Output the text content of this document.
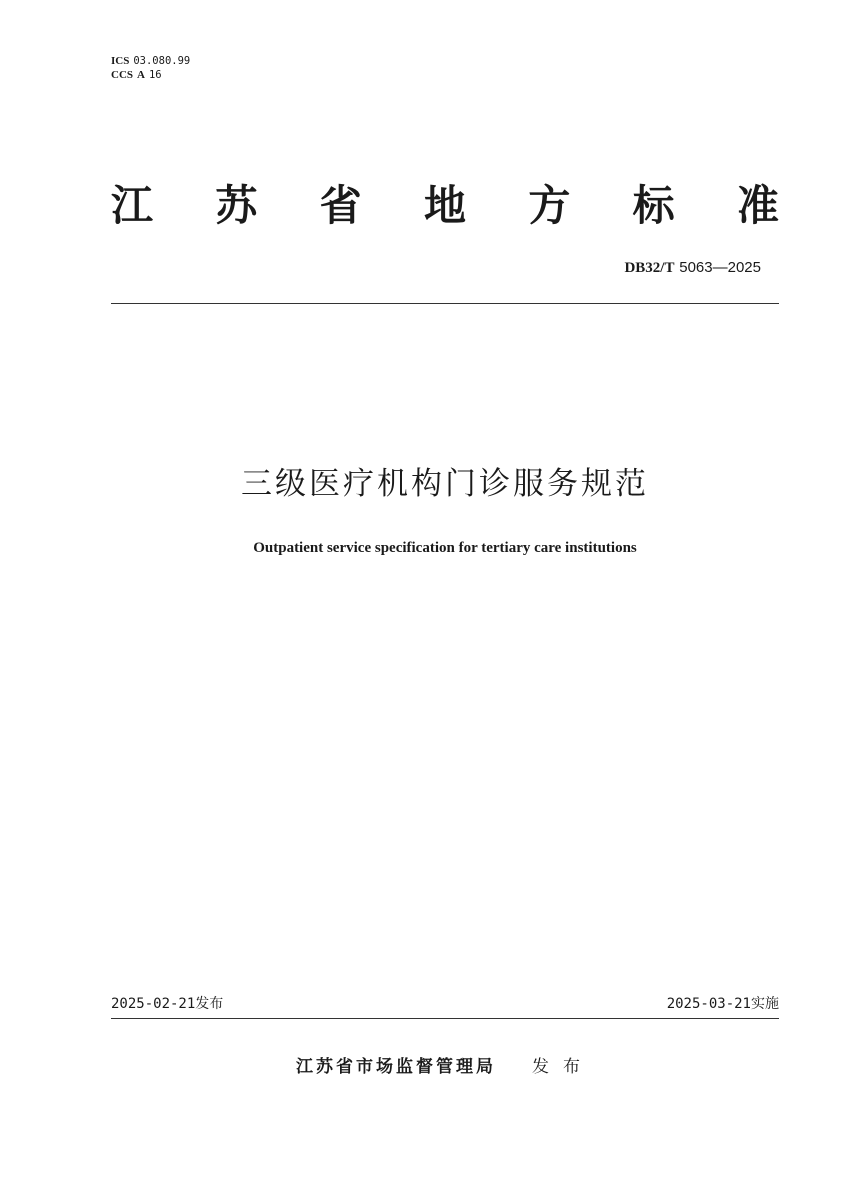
ICS 03.080.99
CCS A 16
江 苏 省 地 方 标 准
DB32/T 5063—2025
三级医疗机构门诊服务规范
Outpatient service specification for tertiary care institutions
2025-02-21发布	2025-03-21实施
江苏省市场监督管理局 发布
